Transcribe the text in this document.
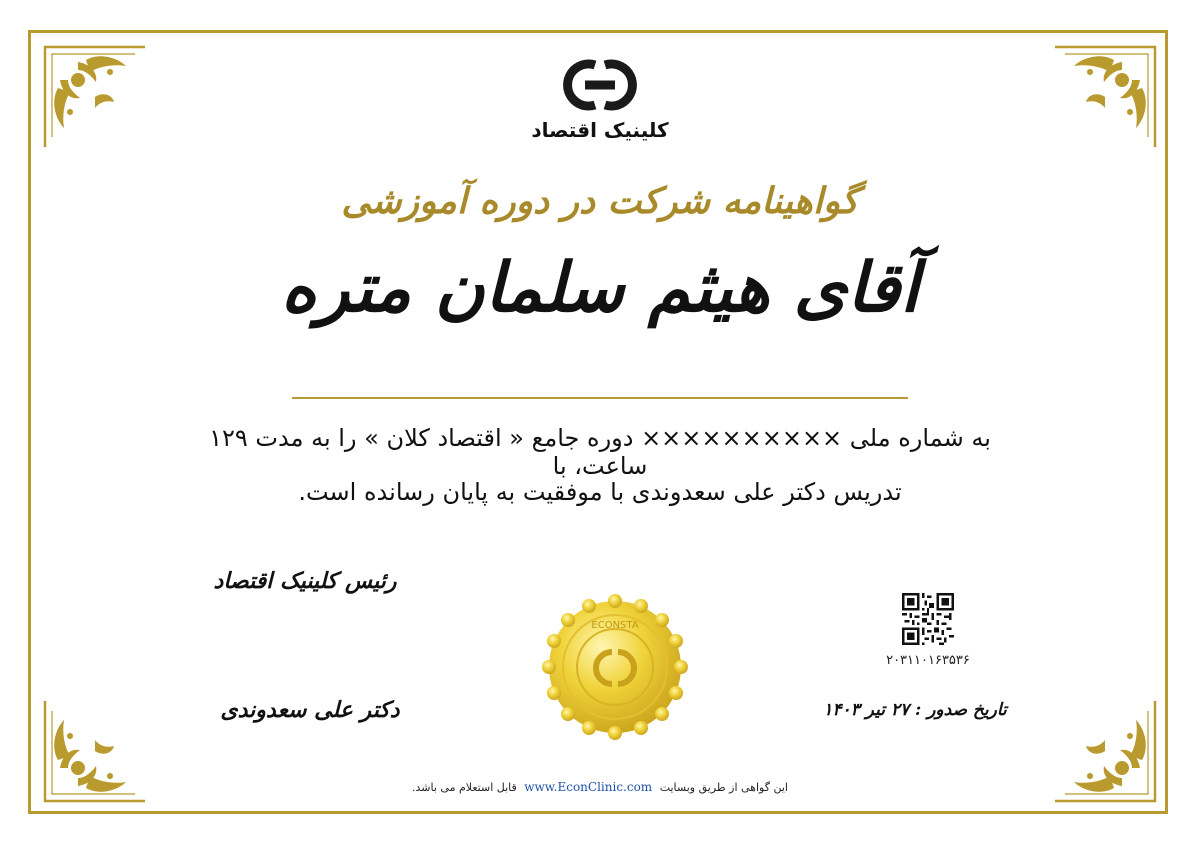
کلینیک اقتصاد
گواهینامه شرکت در دوره آموزشی
آقای هیثم سلمان متره
به شماره ملی ×××××××××× دوره جامع « اقتصاد کلان » را به مدت ۱۲۹ ساعت، با
تدریس دکتر علی سعدوندی با موفقیت به پایان رسانده است.
رئیس کلینیک اقتصاد
دکتر علی سعدوندی
ECONSTA
۲۰۳۱۱۰۱۶۳۵۳۶
تاریخ صدور : ۲۷ تیر ۱۴۰۳
این گواهی از طریق وبسایت www.EconClinic.com قابل استعلام می باشد.
